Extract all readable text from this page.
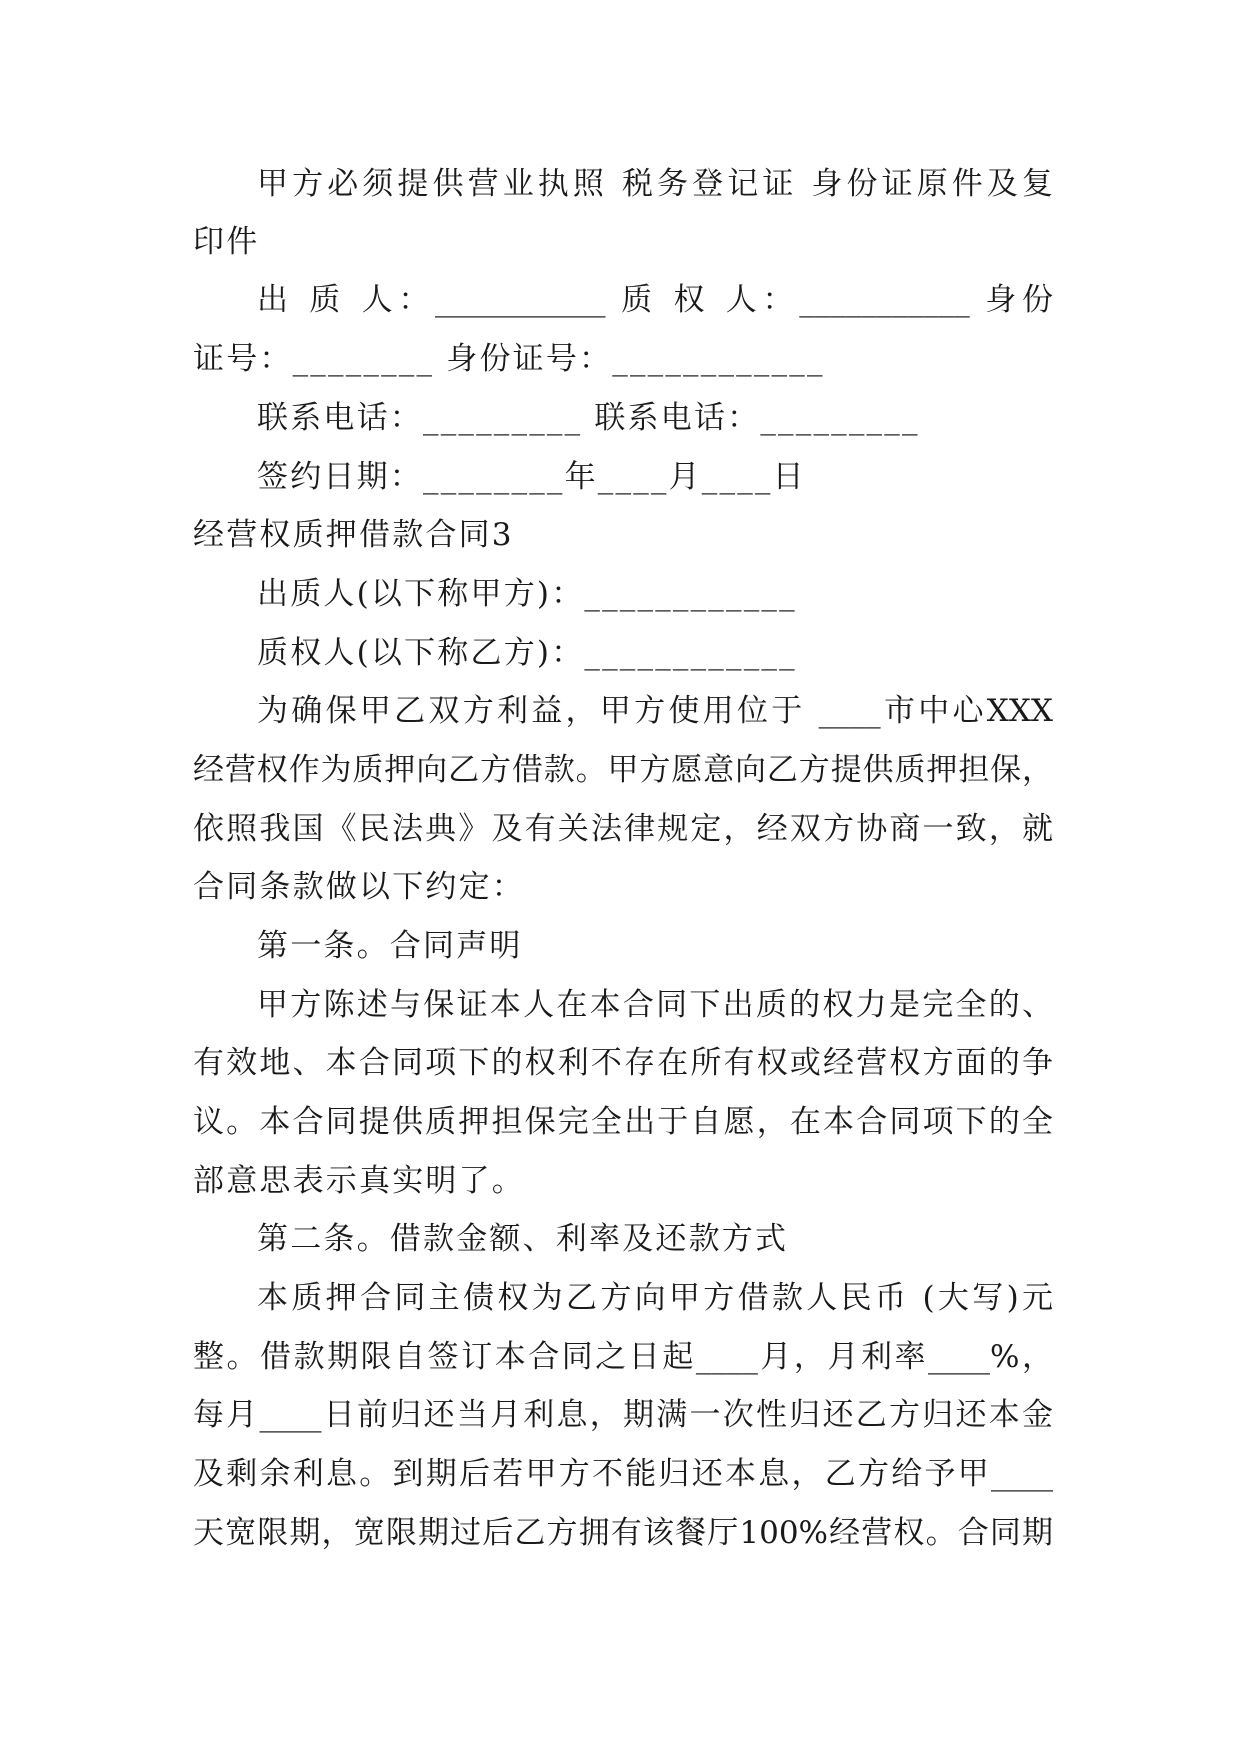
甲方必须提供营业执照 税务登记证 身份证原件及复
印件
出 质 人：___________ 质 权 人：___________ 身份
证号：________ 身份证号：____________
联系电话：_________ 联系电话：_________
签约日期：________年____月____日
经营权质押借款合同3
出质人(以下称甲方)：____________
质权人(以下称乙方)：____________
为确保甲乙双方利益，甲方使用位于 ____市中心XXX
经营权作为质押向乙方借款。甲方愿意向乙方提供质押担保，
依照我国《民法典》及有关法律规定，经双方协商一致，就
合同条款做以下约定：
第一条。合同声明
甲方陈述与保证本人在本合同下出质的权力是完全的、
有效地、本合同项下的权利不存在所有权或经营权方面的争
议。本合同提供质押担保完全出于自愿，在本合同项下的全
部意思表示真实明了。
第二条。借款金额、利率及还款方式
本质押合同主债权为乙方向甲方借款人民币 (大写)元
整。借款期限自签订本合同之日起____月，月利率____%，
每月____日前归还当月利息，期满一次性归还乙方归还本金
及剩余利息。到期后若甲方不能归还本息，乙方给予甲____
天宽限期，宽限期过后乙方拥有该餐厅100%经营权。合同期
